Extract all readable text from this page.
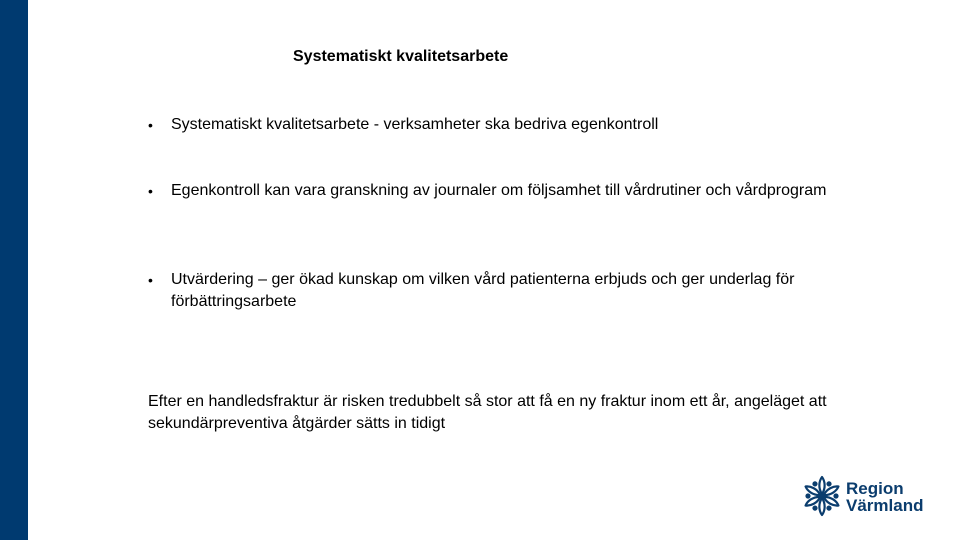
Systematiskt kvalitetsarbete
• Systematiskt kvalitetsarbete - verksamheter ska bedriva egenkontroll
• Egenkontroll kan vara granskning av journaler om följsamhet till vårdrutiner och vårdprogram
• Utvärdering – ger ökad kunskap om vilken vård patienterna erbjuds och ger underlag för förbättringsarbete
Efter en handledsfraktur är risken tredubbelt så stor att få en ny fraktur inom ett år, angeläget att sekundärpreventiva åtgärder sätts in tidigt
Region
Värmland
